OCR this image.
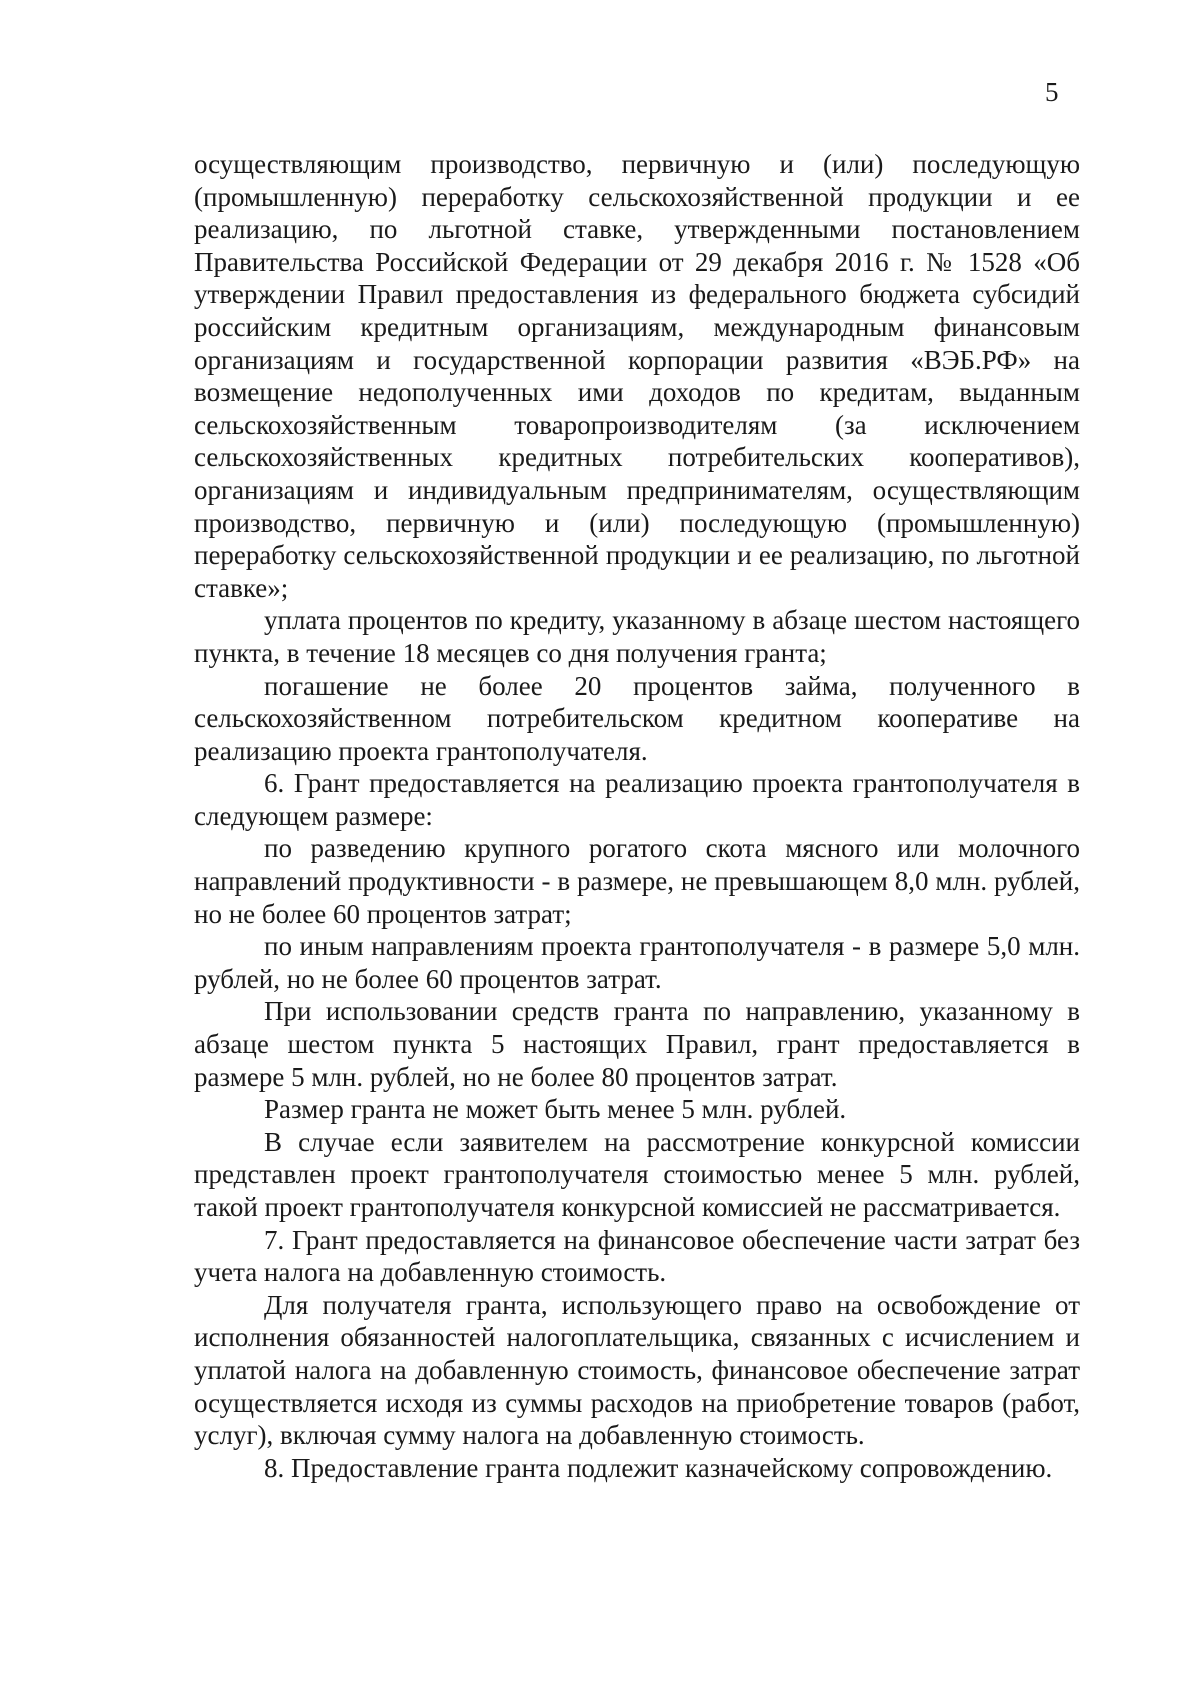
5

осуществляющим производство, первичную и (или) последующую (промышленную) переработку сельскохозяйственной продукции и ее реализацию, по льготной ставке, утвержденными постановлением Правительства Российской Федерации от 29 декабря 2016 г. № 1528 «Об утверждении Правил предоставления из федерального бюджета субсидий российским кредитным организациям, международным финансовым организациям и государственной корпорации развития «ВЭБ.РФ» на возмещение недополученных ими доходов по кредитам, выданным сельскохозяйственным товаропроизводителям (за исключением сельскохозяйственных кредитных потребительских кооперативов), организациям и индивидуальным предпринимателям, осуществляющим производство, первичную и (или) последующую (промышленную) переработку сельскохозяйственной продукции и ее реализацию, по льготной ставке»;

уплата процентов по кредиту, указанному в абзаце шестом настоящего пункта, в течение 18 месяцев со дня получения гранта;

погашение не более 20 процентов займа, полученного в сельскохозяйственном потребительском кредитном кооперативе на реализацию проекта грантополучателя.

6. Грант предоставляется на реализацию проекта грантополучателя в следующем размере:

по разведению крупного рогатого скота мясного или молочного направлений продуктивности - в размере, не превышающем 8,0 млн. рублей, но не более 60 процентов затрат;

по иным направлениям проекта грантополучателя - в размере 5,0 млн. рублей, но не более 60 процентов затрат.

При использовании средств гранта по направлению, указанному в абзаце шестом пункта 5 настоящих Правил, грант предоставляется в размере 5 млн. рублей, но не более 80 процентов затрат.

Размер гранта не может быть менее 5 млн. рублей.

В случае если заявителем на рассмотрение конкурсной комиссии представлен проект грантополучателя стоимостью менее 5 млн. рублей, такой проект грантополучателя конкурсной комиссией не рассматривается.

7. Грант предоставляется на финансовое обеспечение части затрат без учета налога на добавленную стоимость.

Для получателя гранта, использующего право на освобождение от исполнения обязанностей налогоплательщика, связанных с исчислением и уплатой налога на добавленную стоимость, финансовое обеспечение затрат осуществляется исходя из суммы расходов на приобретение товаров (работ, услуг), включая сумму налога на добавленную стоимость.

8. Предоставление гранта подлежит казначейскому сопровождению.
